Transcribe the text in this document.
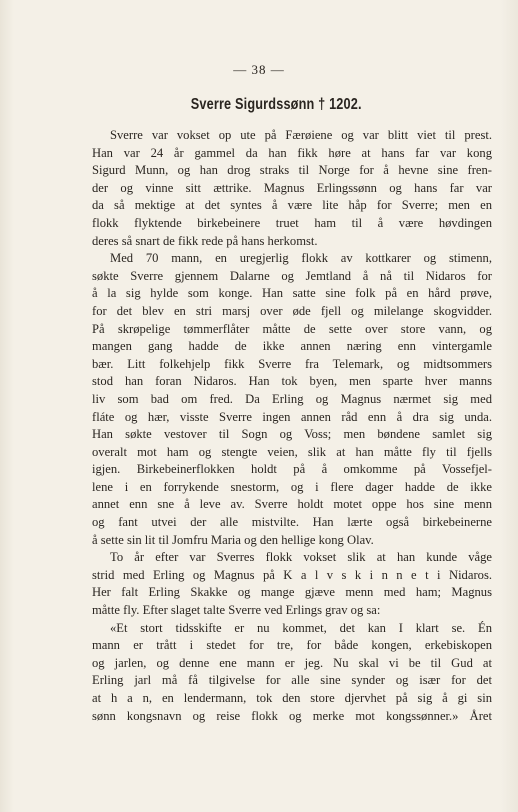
— 38 —
Sverre Sigurdssønn † 1202.
Sverre var vokset op ute på Færøiene og var blitt viet til prest.
Han var 24 år gammel da han fikk høre at hans far var kong
Sigurd Munn, og han drog straks til Norge for å hevne sine fren-
der og vinne sitt ættrike. Magnus Erlingssønn og hans far var
da så mektige at det syntes å være lite håp for Sverre; men en
flokk flyktende birkebeinere truet ham til å være høvdingen
deres så snart de fikk rede på hans herkomst.
Med 70 mann, en uregjerlig flokk av kottkarer og stimenn,
søkte Sverre gjennem Dalarne og Jemtland å nå til Nidaros for
å la sig hylde som konge. Han satte sine folk på en hård prøve,
for det blev en stri marsj over øde fjell og milelange skogvidder.
På skrøpelige tømmerflåter måtte de sette over store vann, og
mangen gang hadde de ikke annen næring enn vintergamle
bær. Litt folkehjelp fikk Sverre fra Telemark, og midtsommers
stod han foran Nidaros. Han tok byen, men sparte hver manns
liv som bad om fred. Da Erling og Magnus nærmet sig med
fláte og hær, visste Sverre ingen annen råd enn å dra sig unda.
Han søkte vestover til Sogn og Voss; men bøndene samlet sig
overalt mot ham og stengte veien, slik at han måtte fly til fjells
igjen. Birkebeinerflokken holdt på å omkomme på Vossefjel-
lene i en forrykende snestorm, og i flere dager hadde de ikke
annet enn sne å leve av. Sverre holdt motet oppe hos sine menn
og fant utvei der alle mistvilte. Han lærte også birkebeinerne
å sette sin lit til Jomfru Maria og den hellige kong Olav.
To år efter var Sverres flokk vokset slik at han kunde våge
strid med Erling og Magnus på K a l v s k i n n e t i Nidaros.
Her falt Erling Skakke og mange gjæve menn med ham; Magnus
måtte fly. Efter slaget talte Sverre ved Erlings grav og sa:
«Et stort tidsskifte er nu kommet, det kan I klart se. Én
mann er trått i stedet for tre, for både kongen, erkebiskopen
og jarlen, og denne ene mann er jeg. Nu skal vi be til Gud at
Erling jarl må få tilgivelse for alle sine synder og især for det
at h a n, en lendermann, tok den store djervhet på sig å gi sin
sønn kongsnavn og reise flokk og merke mot kongssønner.» Året
